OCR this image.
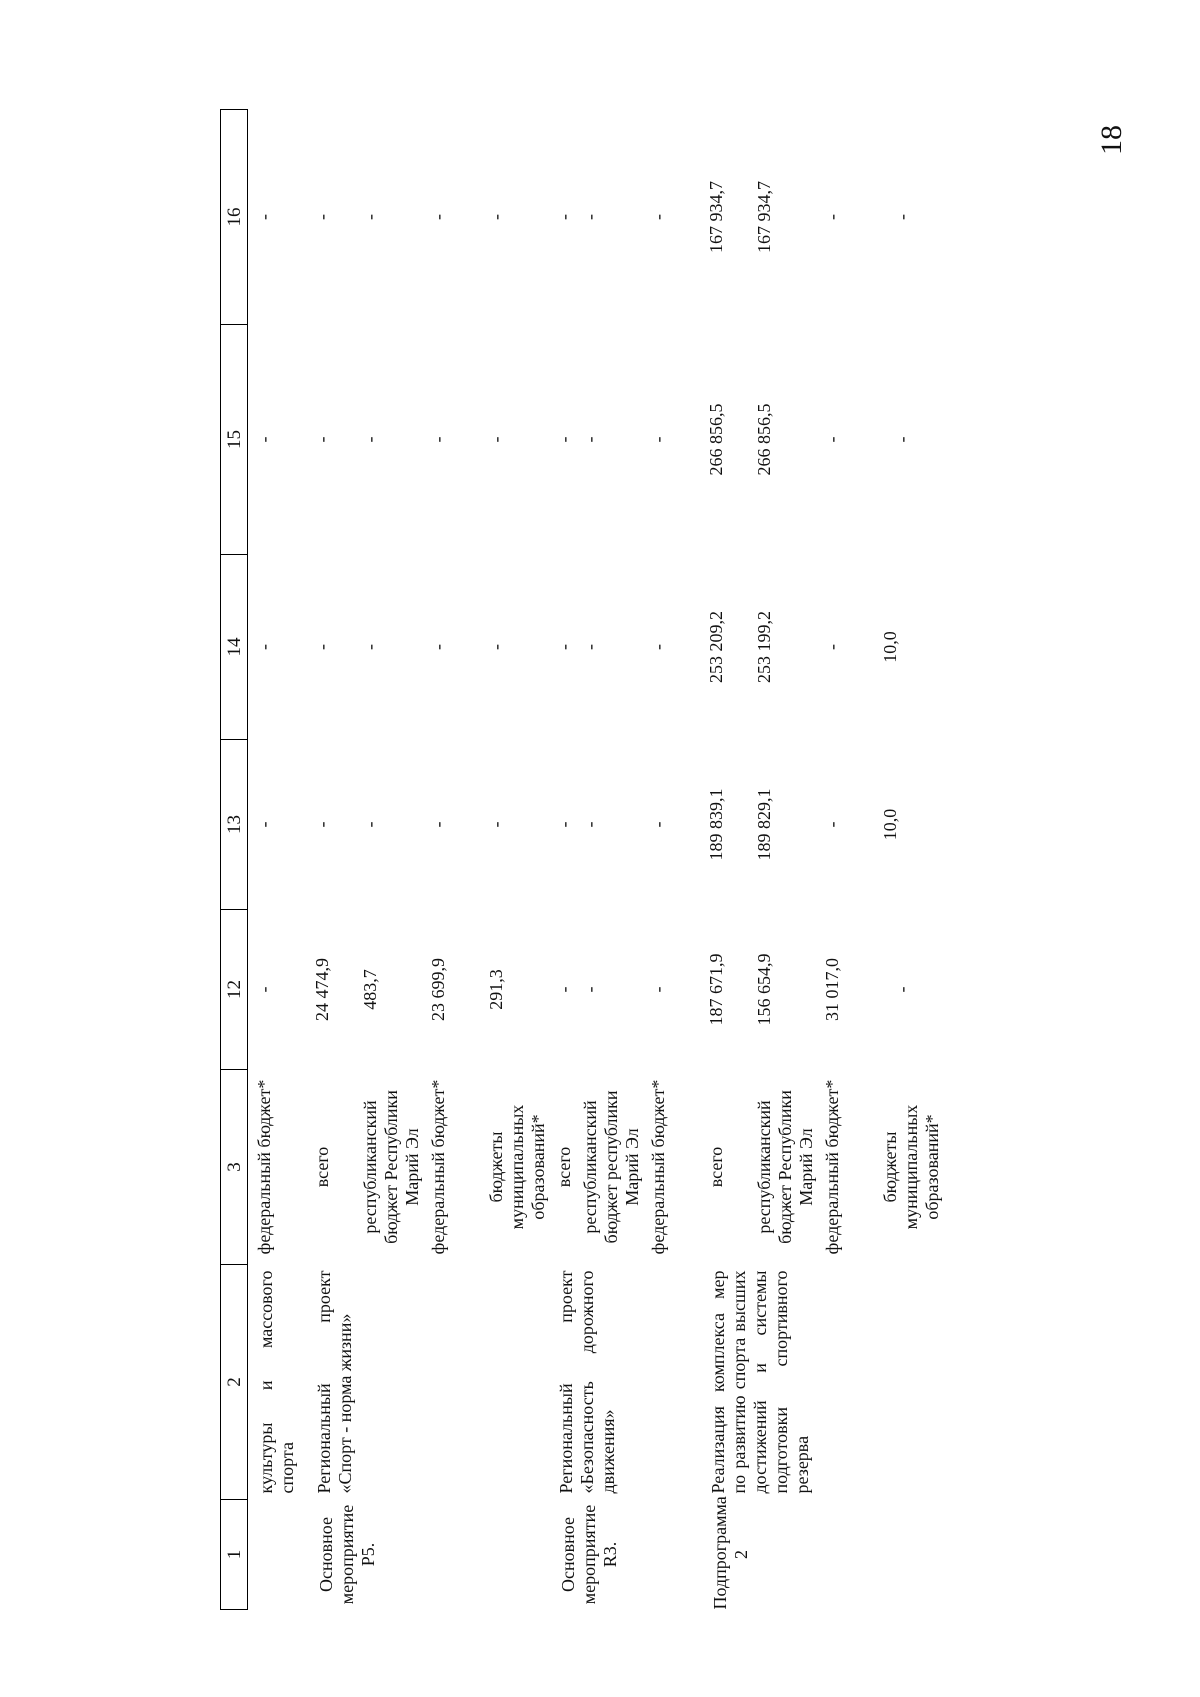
18
1	2	3	12	13	14	15	16

	культуры и массового спорта	федеральный бюджет*	-	-	-	-	-
Основное мероприятие P5.	Региональный проект «Спорт - норма жизни»	всего	24 474,9	-	-	-	-
		республиканский бюджет Республики Марий Эл	483,7	-	-	-	-
		федеральный бюджет*	23 699,9	-	-	-	-
		бюджеты муниципальных образований*	291,3	-	-	-	-
Основное мероприятие R3.	Региональный проект «Безопасность дорожного движения»	всего	-	-	-	-	-
		республиканский бюджет республики Марий Эл	-	-	-	-	-
		федеральный бюджет*	-	-	-	-	-
Подпрограмма 2	Реализация комплекса мер по развитию спорта высших достижений и системы подготовки спортивного резерва	всего	187 671,9	189 839,1	253 209,2	266 856,5	167 934,7
		республиканский бюджет Республики Марий Эл	156 654,9	189 829,1	253 199,2	266 856,5	167 934,7
		федеральный бюджет*	31 017,0	-	-	-	-
		бюджеты муниципальных образований*	-	10,0	10,0	-	-
